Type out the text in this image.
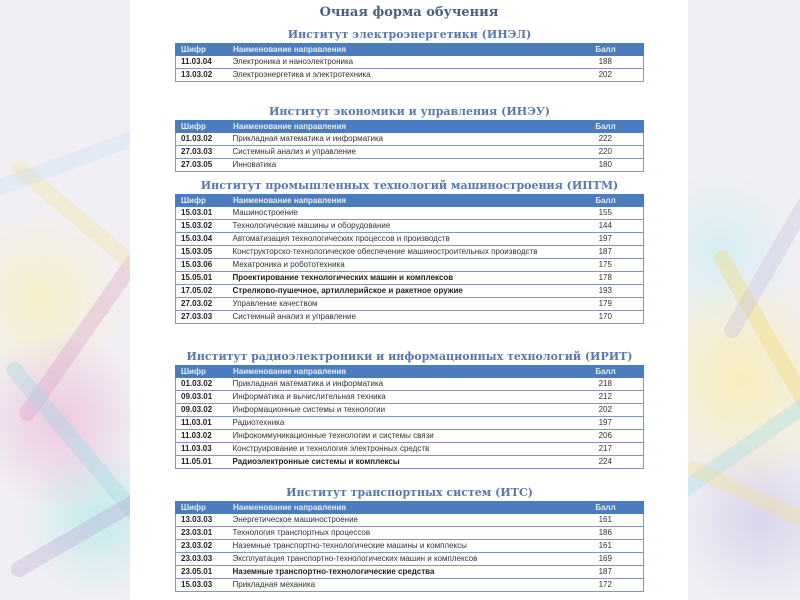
Очная форма обучения
Институт электроэнергетики (ИНЭЛ)
Шифр	Наименование направления	Балл
11.03.04	Электроника и наноэлектроника	188
13.03.02	Электроэнергетика и электротехника	202
Институт экономики и управления (ИНЭУ)
Шифр	Наименование направления	Балл
01.03.02	Прикладная математика и информатика	222
27.03.03	Системный анализ и управление	220
27.03.05	Инноватика	180
Институт промышленных технологий машиностроения (ИПТМ)
Шифр	Наименование направления	Балл
15.03.01	Машиностроение	155
15.03.02	Технологические машины и оборудование	144
15.03.04	Автоматизация технологических процессов и производств	197
15.03.05	Конструкторско-технологическое обеспечение машиностроительных производств	187
15.03.06	Мехатроника и робототехника	175
15.05.01	Проектирование технологических машин и комплексов	178
17.05.02	Стрелково-пушечное, артиллерийское и ракетное оружие	193
27.03.02	Управление качеством	179
27.03.03	Системный анализ и управление	170
Институт радиоэлектроники и информационных технологий (ИРИТ)
Шифр	Наименование направления	Балл
01.03.02	Прикладная математика и информатика	218
09.03.01	Информатика и вычислительная техника	212
09.03.02	Информационные системы и технологии	202
11.03.01	Радиотехника	197
11.03.02	Инфокоммуникационные технологии и системы связи	206
11.03.03	Конструирование и технология электронных средств	217
11.05.01	Радиоэлектронные системы и комплексы	224
Институт транспортных систем (ИТС)
Шифр	Наименование направления	Балл
13.03.03	Энергетическое машиностроение	161
23.03.01	Технология транспортных процессов	186
23.03.02	Наземные транспортно-технологические машины и комплексы	161
23.03.03	Эксплуатация транспортно-технологических машин и комплексов	169
23.05.01	Наземные транспортно-технологические средства	187
15.03.03	Прикладная механика	172
